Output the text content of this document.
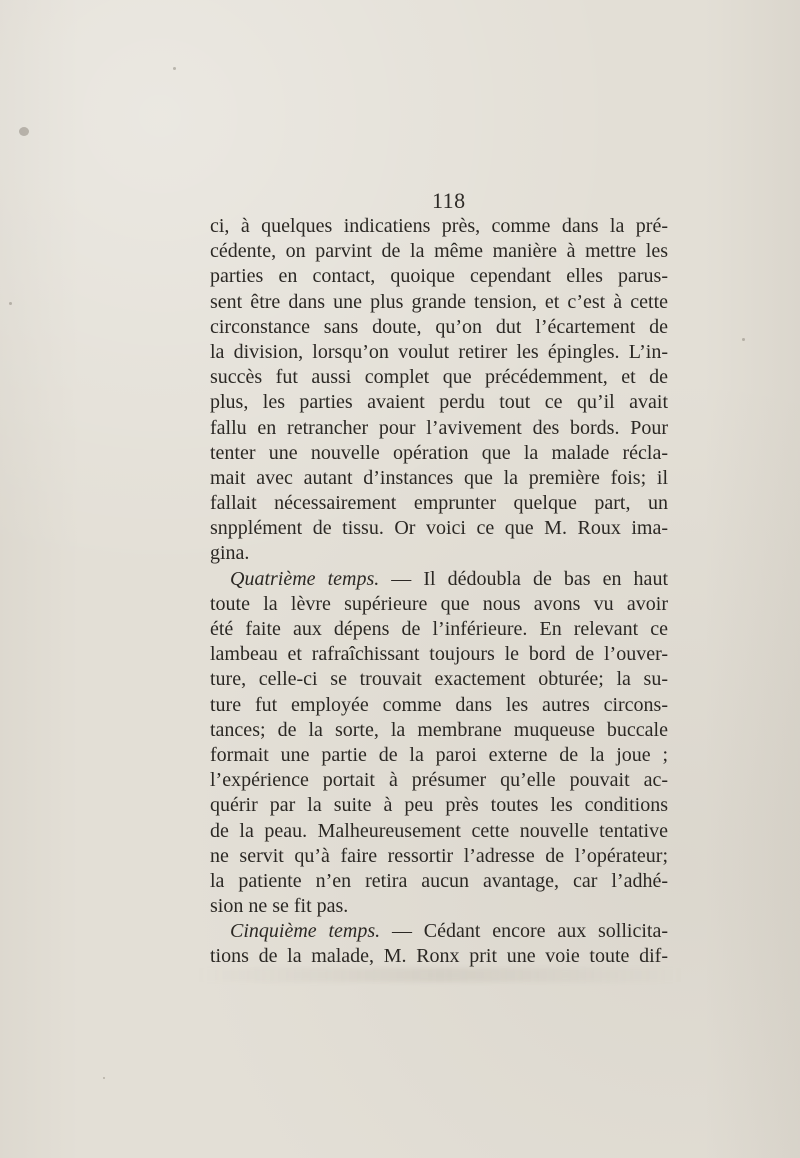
118
ci, à quelques indicatiens près, comme dans la pré-
cédente, on parvint de la même manière à mettre les
parties en contact, quoique cependant elles parus-
sent être dans une plus grande tension, et c’est à cette
circonstance sans doute, qu’on dut l’écartement de
la division, lorsqu’on voulut retirer les épingles. L’in-
succès fut aussi complet que précédemment, et de
plus, les parties avaient perdu tout ce qu’il avait
fallu en retrancher pour l’avivement des bords. Pour
tenter une nouvelle opération que la malade récla-
mait avec autant d’instances que la première fois; il
fallait nécessairement emprunter quelque part, un
snpplément de tissu. Or voici ce que M. Roux ima-
gina.
Quatrième temps. — Il dédoubla de bas en haut
toute la lèvre supérieure que nous avons vu avoir
été faite aux dépens de l’inférieure. En relevant ce
lambeau et rafraîchissant toujours le bord de l’ouver-
ture, celle-ci se trouvait exactement obturée; la su-
ture fut employée comme dans les autres circons-
tances; de la sorte, la membrane muqueuse buccale
formait une partie de la paroi externe de la joue ;
l’expérience portait à présumer qu’elle pouvait ac-
quérir par la suite à peu près toutes les conditions
de la peau. Malheureusement cette nouvelle tentative
ne servit qu’à faire ressortir l’adresse de l’opérateur;
la patiente n’en retira aucun avantage, car l’adhé-
sion ne se fit pas.
Cinquième temps. — Cédant encore aux sollicita-
tions de la malade, M. Ronx prit une voie toute dif-
